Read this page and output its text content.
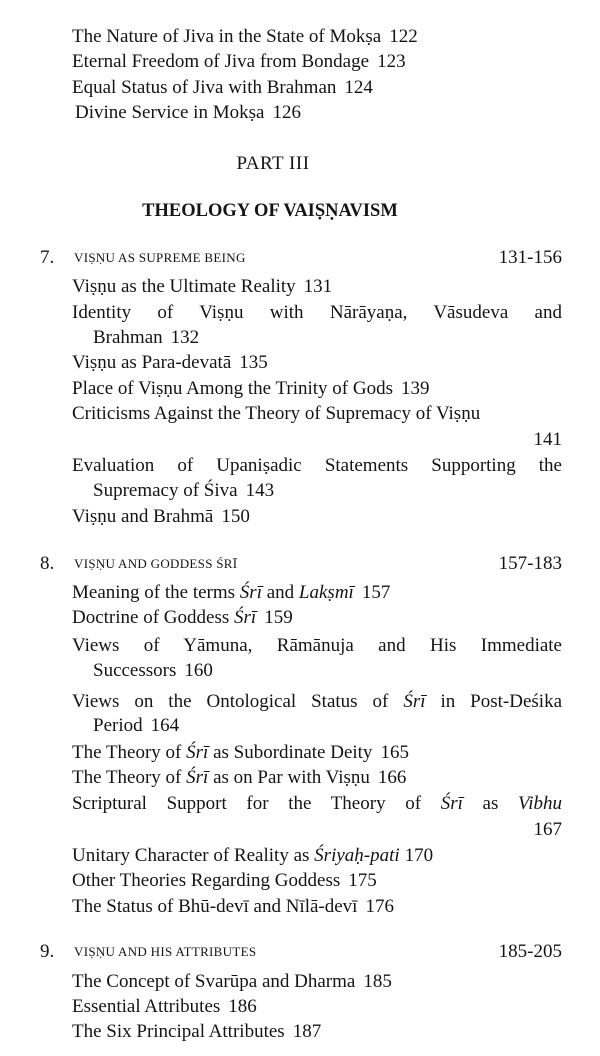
The Nature of Jiva in the State of Mokṣa 122
Eternal Freedom of Jiva from Bondage 123
Equal Status of Jiva with Brahman 124
Divine Service in Mokṣa 126
PART III
THEOLOGY OF VAIṢṆAVISM
7. VIṢṆU AS SUPREME BEING	131-156
Viṣṇu as the Ultimate Reality 131
Identity of Viṣṇu with Nārāyaṇa, Vāsudeva and
Brahman 132
Viṣṇu as Para-devatā 135
Place of Viṣṇu Among the Trinity of Gods 139
Criticisms Against the Theory of Supremacy of Viṣṇu
141
Evaluation of Upaniṣadic Statements Supporting the
Supremacy of Śiva 143
Viṣṇu and Brahmā 150
8. VIṢṆU AND GODDESS ŚRĪ	157-183
Meaning of the terms Śrī and Lakṣmī 157
Doctrine of Goddess Śrī 159
Views of Yāmuna, Rāmānuja and His Immediate
Successors 160
Views on the Ontological Status of Śrī in Post-Deśika
Period 164
The Theory of Śrī as Subordinate Deity 165
The Theory of Śrī as on Par with Viṣṇu 166
Scriptural Support for the Theory of Śrī as Vibhu
167
Unitary Character of Reality as Śriyaḥ-pati 170
Other Theories Regarding Goddess 175
The Status of Bhū-devī and Nīlā-devī 176
9. VIṢṆU AND HIS ATTRIBUTES	185-205
The Concept of Svarūpa and Dharma 185
Essential Attributes 186
The Six Principal Attributes 187
